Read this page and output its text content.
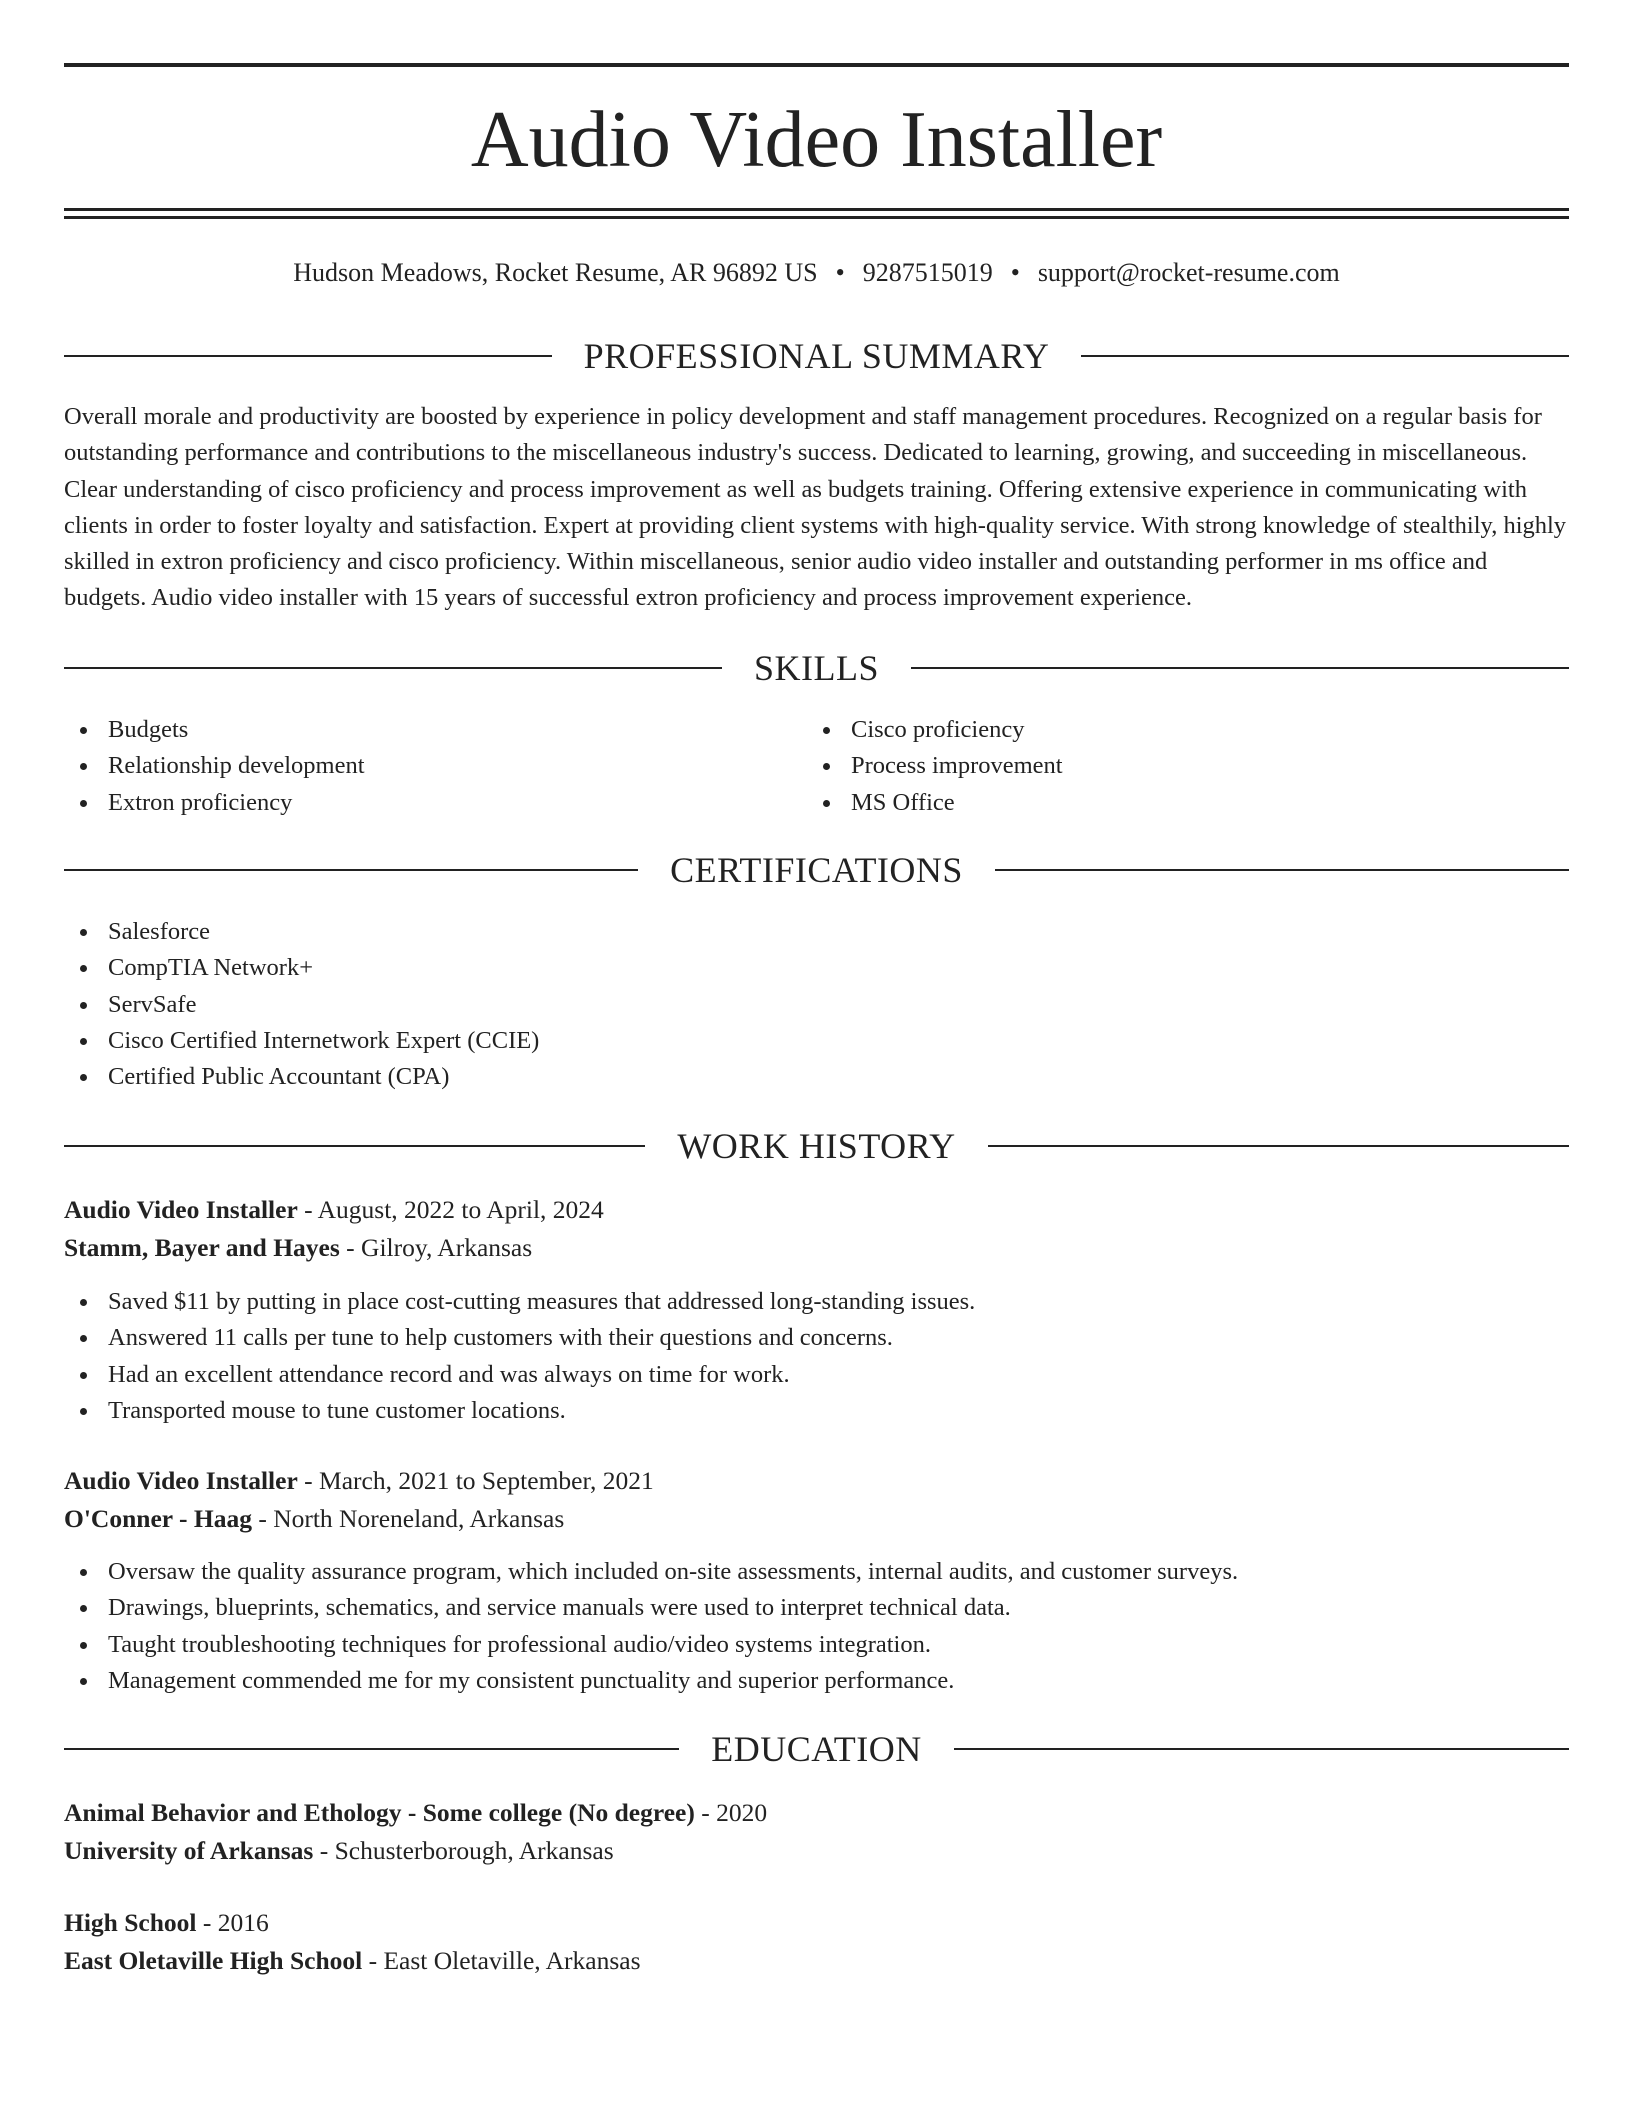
Audio Video Installer
Hudson Meadows, Rocket Resume, AR 96892 US • 9287515019 • support@rocket-resume.com
PROFESSIONAL SUMMARY

Overall morale and productivity are boosted by experience in policy development and staff management procedures. Recognized on a regular basis for outstanding performance and contributions to the miscellaneous industry's success. Dedicated to learning, growing, and succeeding in miscellaneous. Clear understanding of cisco proficiency and process improvement as well as budgets training. Offering extensive experience in communicating with clients in order to foster loyalty and satisfaction. Expert at providing client systems with high-quality service. With strong knowledge of stealthily, highly skilled in extron proficiency and cisco proficiency. Within miscellaneous, senior audio video installer and outstanding performer in ms office and budgets. Audio video installer with 15 years of successful extron proficiency and process improvement experience.

SKILLS
Budgets
Relationship development
Extron proficiency
Cisco proficiency
Process improvement
MS Office
CERTIFICATIONS
Salesforce
CompTIA Network+
ServSafe
Cisco Certified Internetwork Expert (CCIE)
Certified Public Accountant (CPA)
WORK HISTORY
Audio Video Installer - August, 2022 to April, 2024
Stamm, Bayer and Hayes - Gilroy, Arkansas
Saved $11 by putting in place cost-cutting measures that addressed long-standing issues.
Answered 11 calls per tune to help customers with their questions and concerns.
Had an excellent attendance record and was always on time for work.
Transported mouse to tune customer locations.
Audio Video Installer - March, 2021 to September, 2021
O'Conner - Haag - North Noreneland, Arkansas
Oversaw the quality assurance program, which included on-site assessments, internal audits, and customer surveys.
Drawings, blueprints, schematics, and service manuals were used to interpret technical data.
Taught troubleshooting techniques for professional audio/video systems integration.
Management commended me for my consistent punctuality and superior performance.
EDUCATION
Animal Behavior and Ethology - Some college (No degree) - 2020
University of Arkansas - Schusterborough, Arkansas
High School - 2016
East Oletaville High School - East Oletaville, Arkansas
